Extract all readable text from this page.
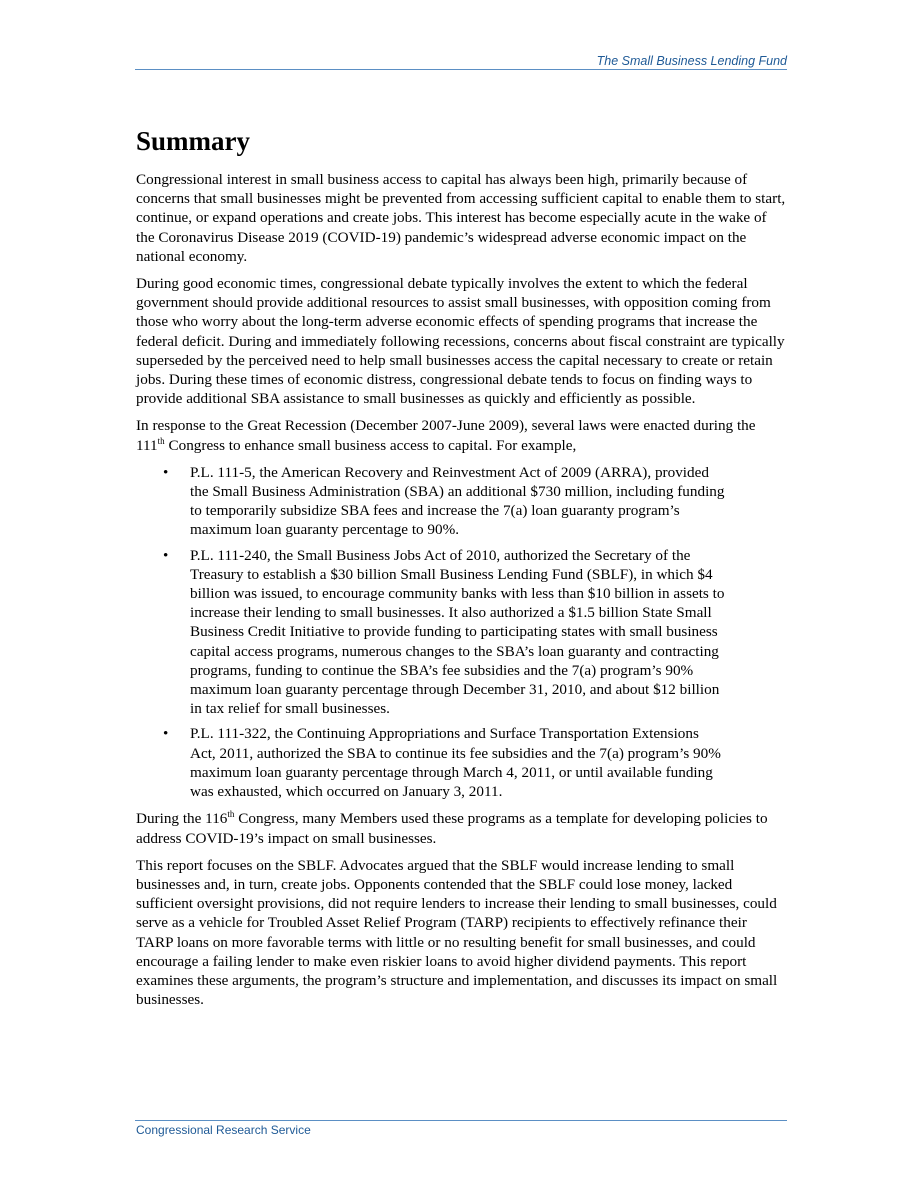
The Small Business Lending Fund
Summary

Congressional interest in small business access to capital has always been high, primarily because of concerns that small businesses might be prevented from accessing sufficient capital to enable them to start, continue, or expand operations and create jobs. This interest has become especially acute in the wake of the Coronavirus Disease 2019 (COVID-19) pandemic’s widespread adverse economic impact on the national economy.

During good economic times, congressional debate typically involves the extent to which the federal government should provide additional resources to assist small businesses, with opposition coming from those who worry about the long-term adverse economic effects of spending programs that increase the federal deficit. During and immediately following recessions, concerns about fiscal constraint are typically superseded by the perceived need to help small businesses access the capital necessary to create or retain jobs. During these times of economic distress, congressional debate tends to focus on finding ways to provide additional SBA assistance to small businesses as quickly and efficiently as possible.

In response to the Great Recession (December 2007-June 2009), several laws were enacted during the 111th Congress to enhance small business access to capital. For example,

• P.L. 111-5, the American Recovery and Reinvestment Act of 2009 (ARRA), provided the Small Business Administration (SBA) an additional $730 million, including funding to temporarily subsidize SBA fees and increase the 7(a) loan guaranty program’s maximum loan guaranty percentage to 90%.
• P.L. 111-240, the Small Business Jobs Act of 2010, authorized the Secretary of the Treasury to establish a $30 billion Small Business Lending Fund (SBLF), in which $4 billion was issued, to encourage community banks with less than $10 billion in assets to increase their lending to small businesses. It also authorized a $1.5 billion State Small Business Credit Initiative to provide funding to participating states with small business capital access programs, numerous changes to the SBA’s loan guaranty and contracting programs, funding to continue the SBA’s fee subsidies and the 7(a) program’s 90% maximum loan guaranty percentage through December 31, 2010, and about $12 billion in tax relief for small businesses.
• P.L. 111-322, the Continuing Appropriations and Surface Transportation Extensions Act, 2011, authorized the SBA to continue its fee subsidies and the 7(a) program’s 90% maximum loan guaranty percentage through March 4, 2011, or until available funding was exhausted, which occurred on January 3, 2011.

During the 116th Congress, many Members used these programs as a template for developing policies to address COVID-19’s impact on small businesses.

This report focuses on the SBLF. Advocates argued that the SBLF would increase lending to small businesses and, in turn, create jobs. Opponents contended that the SBLF could lose money, lacked sufficient oversight provisions, did not require lenders to increase their lending to small businesses, could serve as a vehicle for Troubled Asset Relief Program (TARP) recipients to effectively refinance their TARP loans on more favorable terms with little or no resulting benefit for small businesses, and could encourage a failing lender to make even riskier loans to avoid higher dividend payments. This report examines these arguments, the program’s structure and implementation, and discusses its impact on small businesses.

Congressional Research Service
